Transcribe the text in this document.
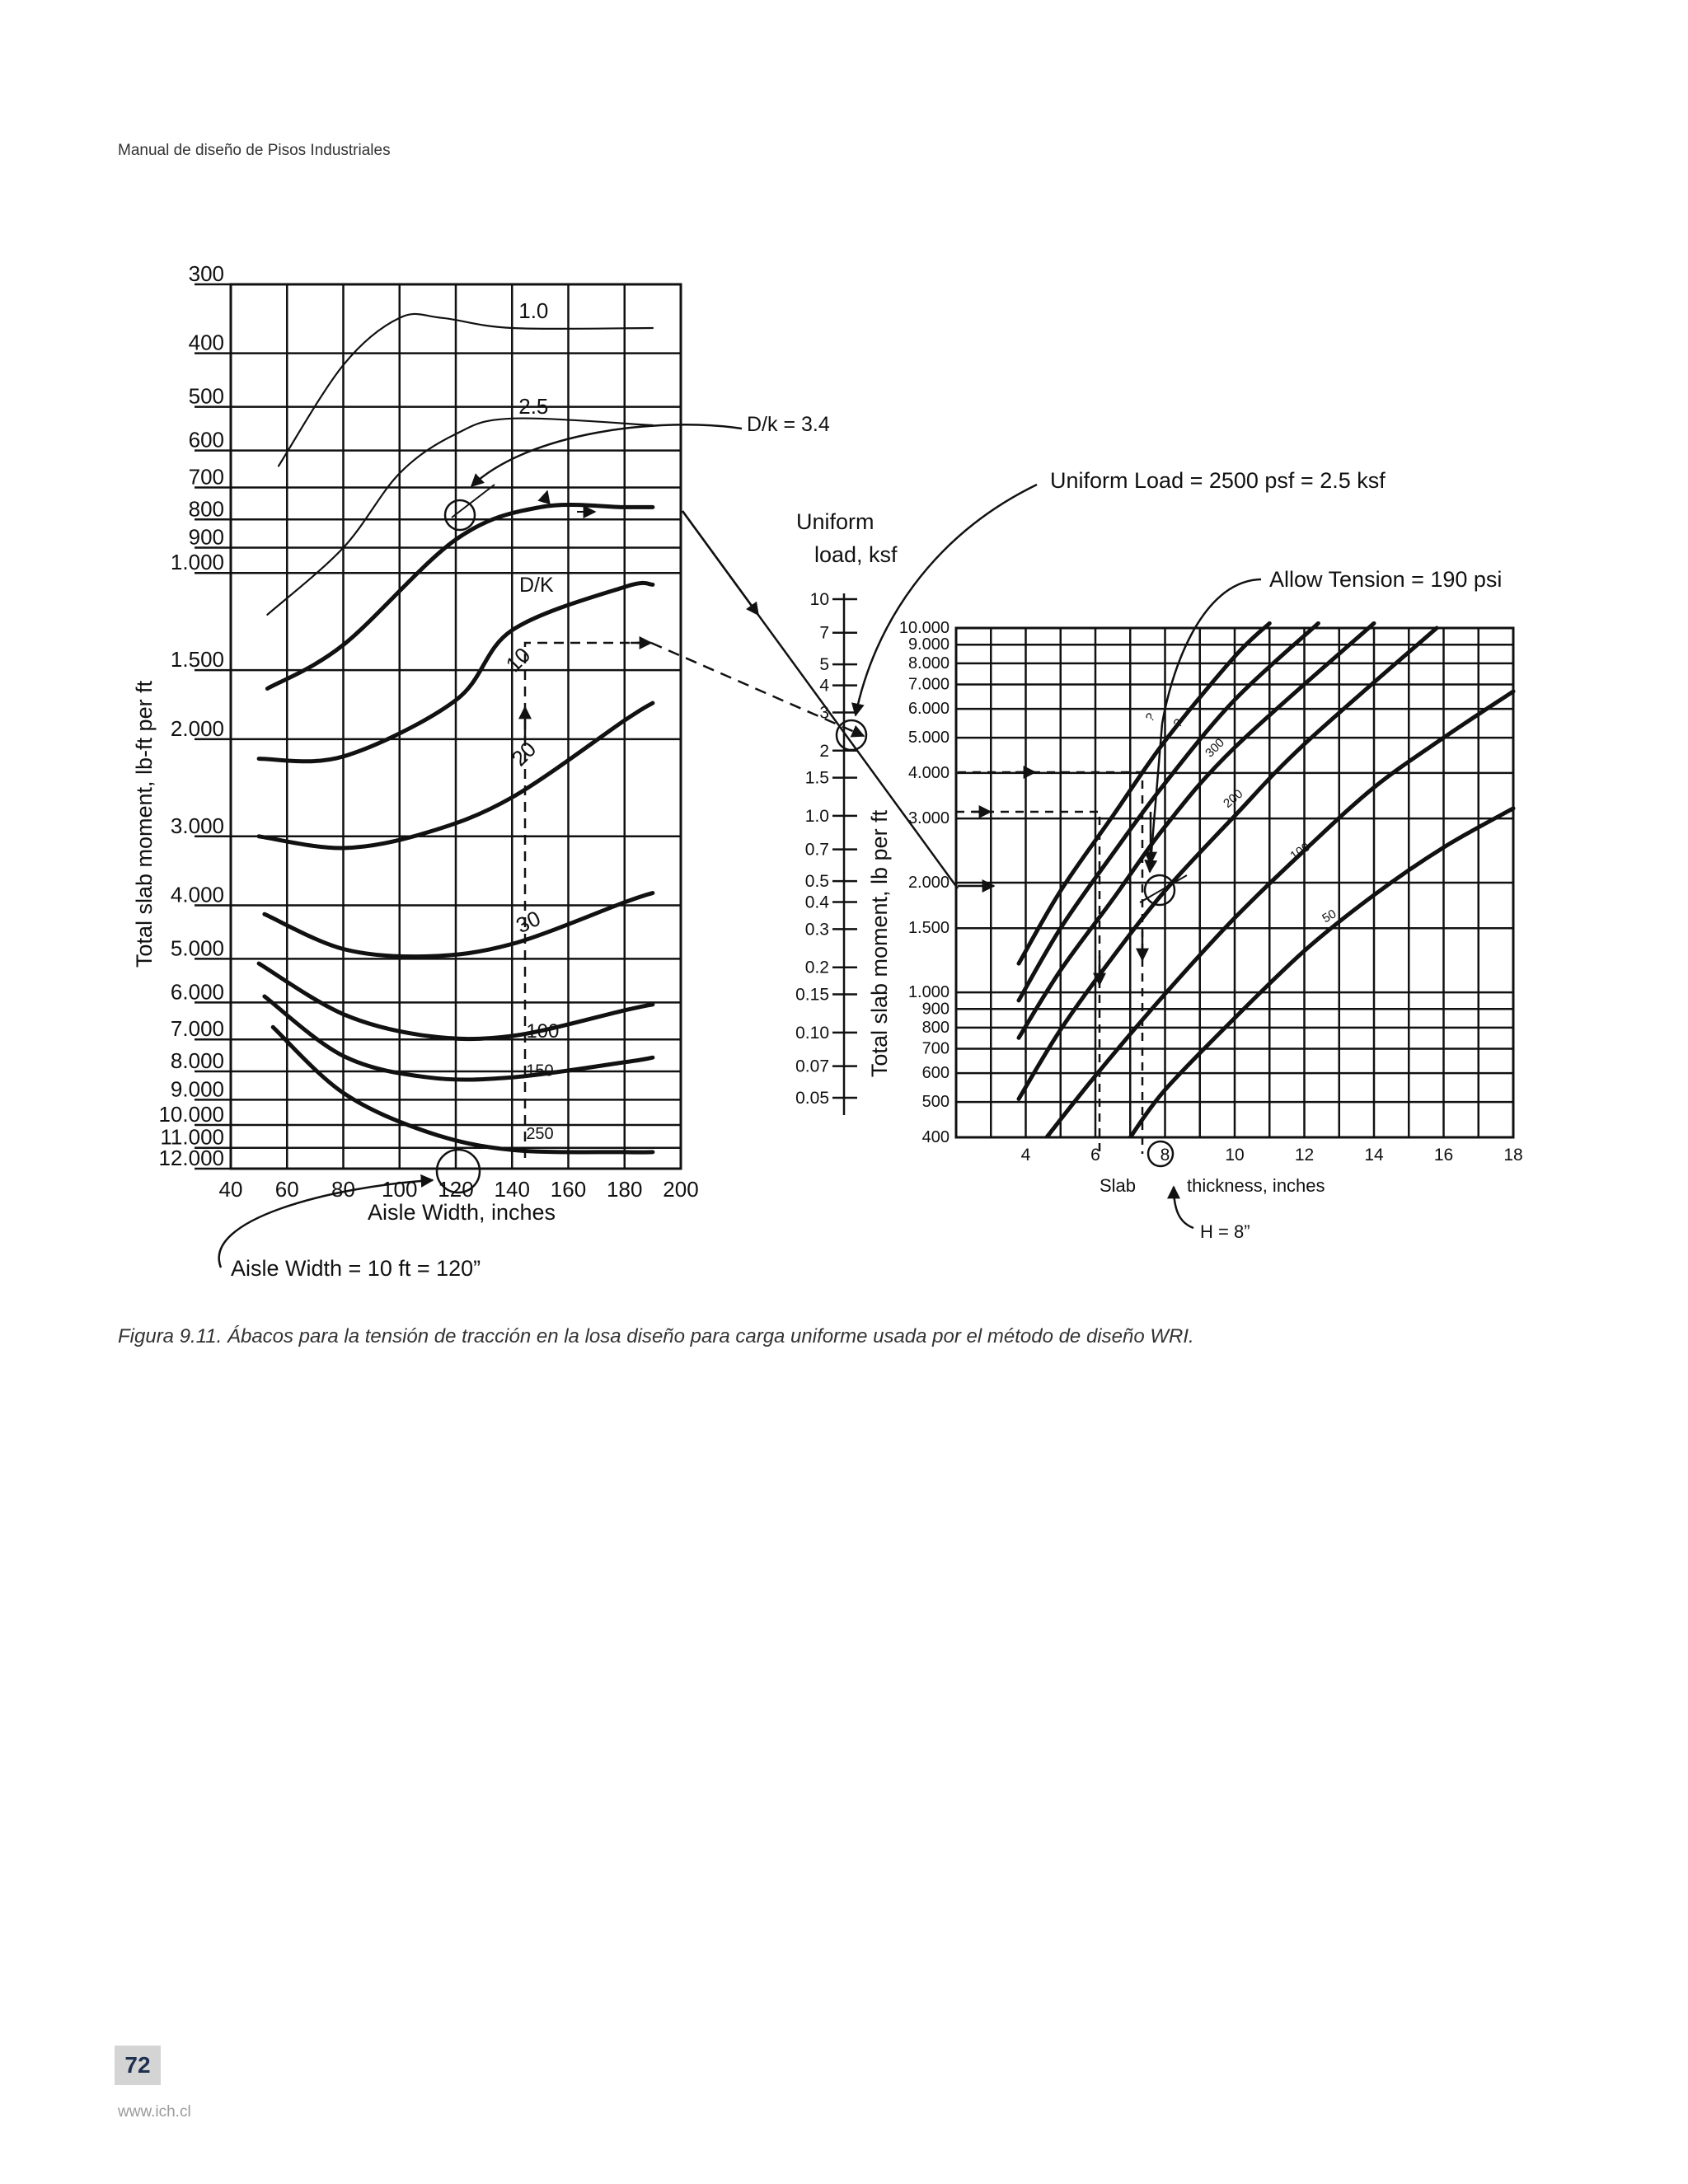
Manual de diseño de Pisos Industriales
300
400
500
600
700
800
900
1.000
1.500
2.000
3.000
4.000
5.000
6.000
7.000
8.000
9.000
10.000
11.000
12.000
40 60 80 100 120 140 160 180 200
1.0
2.5
10
20
30
100
150
250
D/K
Aisle Width, inches
Total slab moment, lb-ft per ft
D/k = 3.4
Aisle Width = 10 ft = 120”
Uniform
load, ksf
10
7
5
4
3
2
1.5
1.0
0.7
0.5
0.4
0.3
0.2
0.15
0.10
0.07
0.05
Uniform Load = 2500 psf = 2.5 ksf
10.000
9.000
8.000
7.000
6.000
5.000
4.000
3.000
2.000
1.500
1.000
900
800
700
600
500
400
4	6	8	10	12	14	16	18
? ?
300
200
100
50
Total slab moment, lb per ft
Slab	thickness, inches
Allow Tension = 190 psi
H = 8”
Figura 9.11. Ábacos para la tensión de tracción en la losa diseño para carga uniforme usada por el método de diseño WRI.
72
www.ich.cl
